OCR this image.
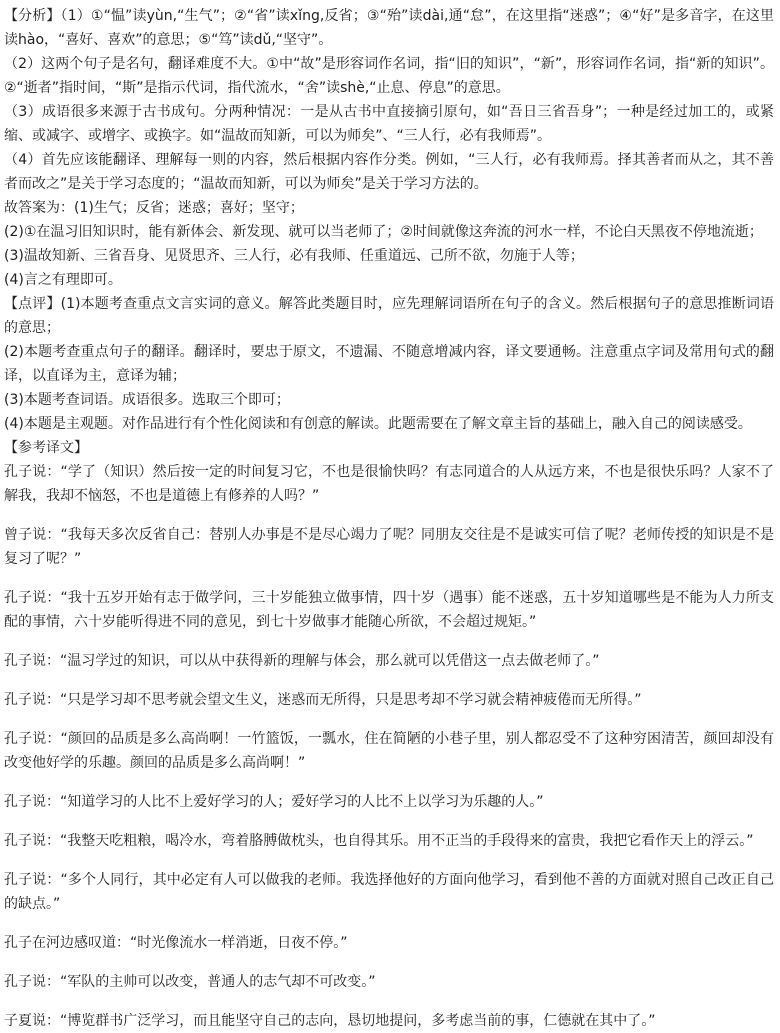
【分析】（1）①“愠”读yùn,“生气”；②“省”读xǐng,反省；③“殆”读dài,通“怠”，在这里指“迷惑”；④“好”是多音字，在这里读hào，“喜好、喜欢”的意思；⑤“笃”读dǔ,“坚守”。

（2）这两个句子是名句，翻译难度不大。①中“故”是形容词作名词，指“旧的知识”，“新”，形容词作名词，指“新的知识”。②“逝者”指时间，“斯”是指示代词，指代流水，“舍”读shè,“止息、停息”的意思。

（3）成语很多来源于古书成句。分两种情况：一是从古书中直接摘引原句，如“吾日三省吾身”；一种是经过加工的，或紧缩、或减字、或增字、或换字。如“温故而知新，可以为师矣”、“三人行，必有我师焉”。

（4）首先应该能翻译、理解每一则的内容，然后根据内容作分类。例如，“三人行，必有我师焉。择其善者而从之，其不善者而改之”是关于学习态度的；“温故而知新，可以为师矣”是关于学习方法的。

故答案为：(1)生气；反省；迷惑；喜好；坚守；

(2)①在温习旧知识时，能有新体会、新发现、就可以当老师了；②时间就像这奔流的河水一样，不论白天黑夜不停地流逝；

(3)温故知新、三省吾身、见贤思齐、三人行，必有我师、任重道远、己所不欲，勿施于人等；

(4)言之有理即可。

【点评】(1)本题考查重点文言实词的意义。解答此类题目时，应先理解词语所在句子的含义。然后根据句子的意思推断词语的意思；

(2)本题考查重点句子的翻译。翻译时，要忠于原文，不遗漏、不随意增减内容，译文要通畅。注意重点字词及常用句式的翻译，以直译为主，意译为辅；

(3)本题考查词语。成语很多。选取三个即可；

(4)本题是主观题。对作品进行有个性化阅读和有创意的解读。此题需要在了解文章主旨的基础上，融入自己的阅读感受。

【参考译文】

孔子说：“学了（知识）然后按一定的时间复习它，不也是很愉快吗？有志同道合的人从远方来，不也是很快乐吗？人家不了解我，我却不恼怒，不也是道德上有修养的人吗？”

曾子说：“我每天多次反省自己：替别人办事是不是尽心竭力了呢？同朋友交往是不是诚实可信了呢？老师传授的知识是不是复习了呢？”

孔子说：“我十五岁开始有志于做学问，三十岁能独立做事情，四十岁（遇事）能不迷惑，五十岁知道哪些是不能为人力所支配的事情，六十岁能听得进不同的意见，到七十岁做事才能随心所欲，不会超过规矩。”

孔子说：“温习学过的知识，可以从中获得新的理解与体会，那么就可以凭借这一点去做老师了。”

孔子说：“只是学习却不思考就会望文生义，迷惑而无所得，只是思考却不学习就会精神疲倦而无所得。”

孔子说：“颜回的品质是多么高尚啊！一竹篮饭，一瓢水，住在简陋的小巷子里，别人都忍受不了这种穷困清苦，颜回却没有改变他好学的乐趣。颜回的品质是多么高尚啊！”

孔子说：“知道学习的人比不上爱好学习的人；爱好学习的人比不上以学习为乐趣的人。”

孔子说：“我整天吃粗粮，喝冷水，弯着胳膊做枕头，也自得其乐。用不正当的手段得来的富贵，我把它看作天上的浮云。”

孔子说：“多个人同行，其中必定有人可以做我的老师。我选择他好的方面向他学习，看到他不善的方面就对照自己改正自己的缺点。”

孔子在河边感叹道：“时光像流水一样消逝，日夜不停。”

孔子说：“军队的主帅可以改变，普通人的志气却不可改变。”

子夏说：“博览群书广泛学习，而且能坚守自己的志向，恳切地提问，多考虑当前的事，仁德就在其中了。”
